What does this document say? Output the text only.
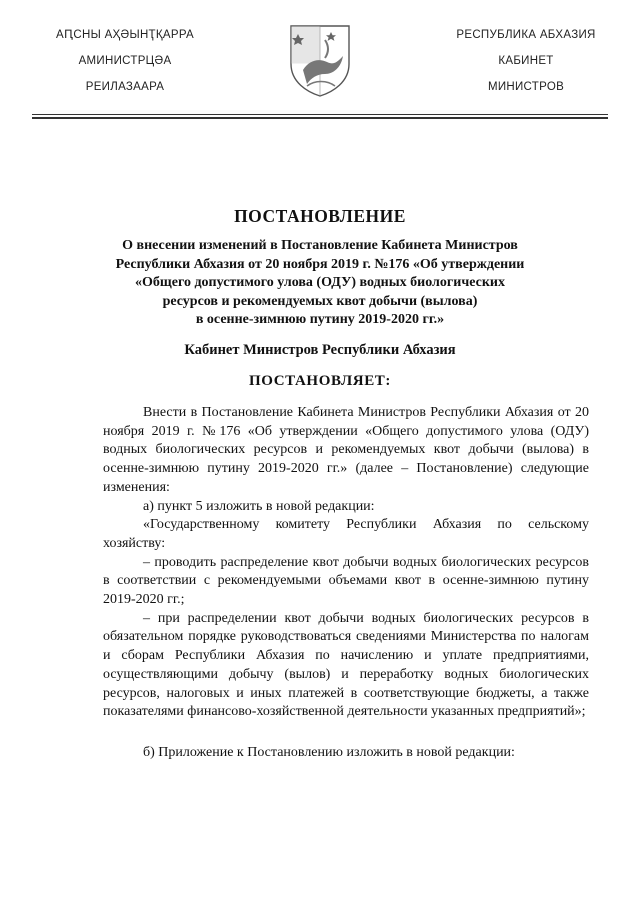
АԤСНЫ АҲӘЫНҬҚАРРА
АМИНИСТРЦӘА
РЕИЛАЗААРА
РЕСПУБЛИКА АБХАЗИЯ
КАБИНЕТ
МИНИСТРОВ
ПОСТАНОВЛЕНИЕ
О внесении изменений в Постановление Кабинета Министров
Республики Абхазия от 20 ноября 2019 г. №176 «Об утверждении
«Общего допустимого улова (ОДУ) водных биологических
ресурсов и рекомендуемых квот добычи (вылова)
в осенне-зимнюю путину 2019-2020 гг.»
Кабинет Министров Республики Абхазия
ПОСТАНОВЛЯЕТ:

Внести в Постановление Кабинета Министров Республики Абхазия от 20 ноября 2019 г. №176 «Об утверждении «Общего допустимого улова (ОДУ) водных биологических ресурсов и рекомендуемых квот добычи (вылова) в осенне-зимнюю путину 2019-2020 гг.» (далее – Постановление) следующие изменения:

а) пункт 5 изложить в новой редакции:

«Государственному комитету Республики Абхазия по сельскому хозяйству:

– проводить распределение квот добычи водных биологических ресурсов в соответствии с рекомендуемыми объемами квот в осенне-зимнюю путину 2019-2020 гг.;

– при распределении квот добычи водных биологических ресурсов в обязательном порядке руководствоваться сведениями Министерства по налогам и сборам Республики Абхазия по начислению и уплате предприятиями, осуществляющими добычу (вылов) и переработку водных биологических ресурсов, налоговых и иных платежей в соответствующие бюджеты, а также показателями финансово-хозяйственной деятельности указанных предприятий»;

б) Приложение к Постановлению изложить в новой редакции:
